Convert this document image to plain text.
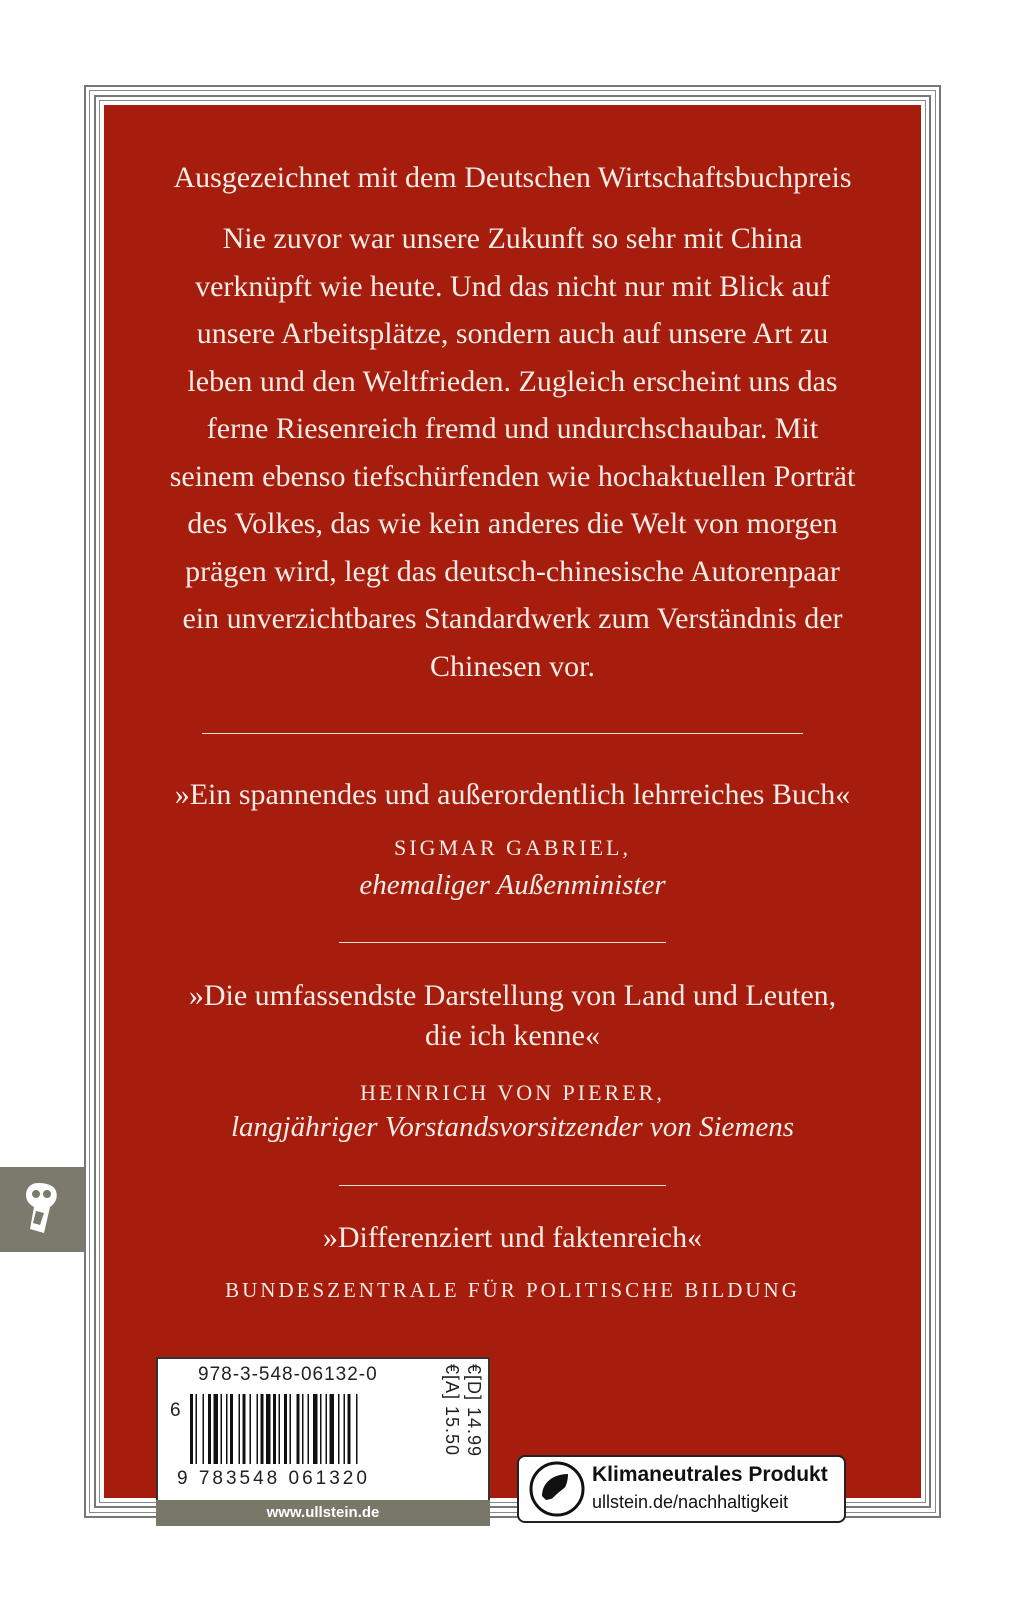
Ausgezeichnet mit dem Deutschen Wirtschaftsbuchpreis
Nie zuvor war unsere Zukunft so sehr mit China
verknüpft wie heute. Und das nicht nur mit Blick auf
unsere Arbeitsplätze, sondern auch auf unsere Art zu
leben und den Weltfrieden. Zugleich erscheint uns das
ferne Riesenreich fremd und undurchschaubar. Mit
seinem ebenso tiefschürfenden wie hochaktuellen Porträt
des Volkes, das wie kein anderes die Welt von morgen
prägen wird, legt das deutsch-chinesische Autorenpaar
ein unverzichtbares Standardwerk zum Verständnis der
Chinesen vor.
»Ein spannendes und außerordentlich lehrreiches Buch«
SIGMAR GABRIEL,
ehemaliger Außenminister
»Die umfassendste Darstellung von Land und Leuten,
die ich kenne«
HEINRICH VON PIERER,
langjähriger Vorstandsvorsitzender von Siemens
»Differenziert und faktenreich«
BUNDESZENTRALE FÜR POLITISCHE BILDUNG
978-3-548-06132-0
6
9 783548 061320
€[D] 14.99
€[A] 15.50
www.ullstein.de
Klimaneutrales Produkt
ullstein.de/nachhaltigkeit
